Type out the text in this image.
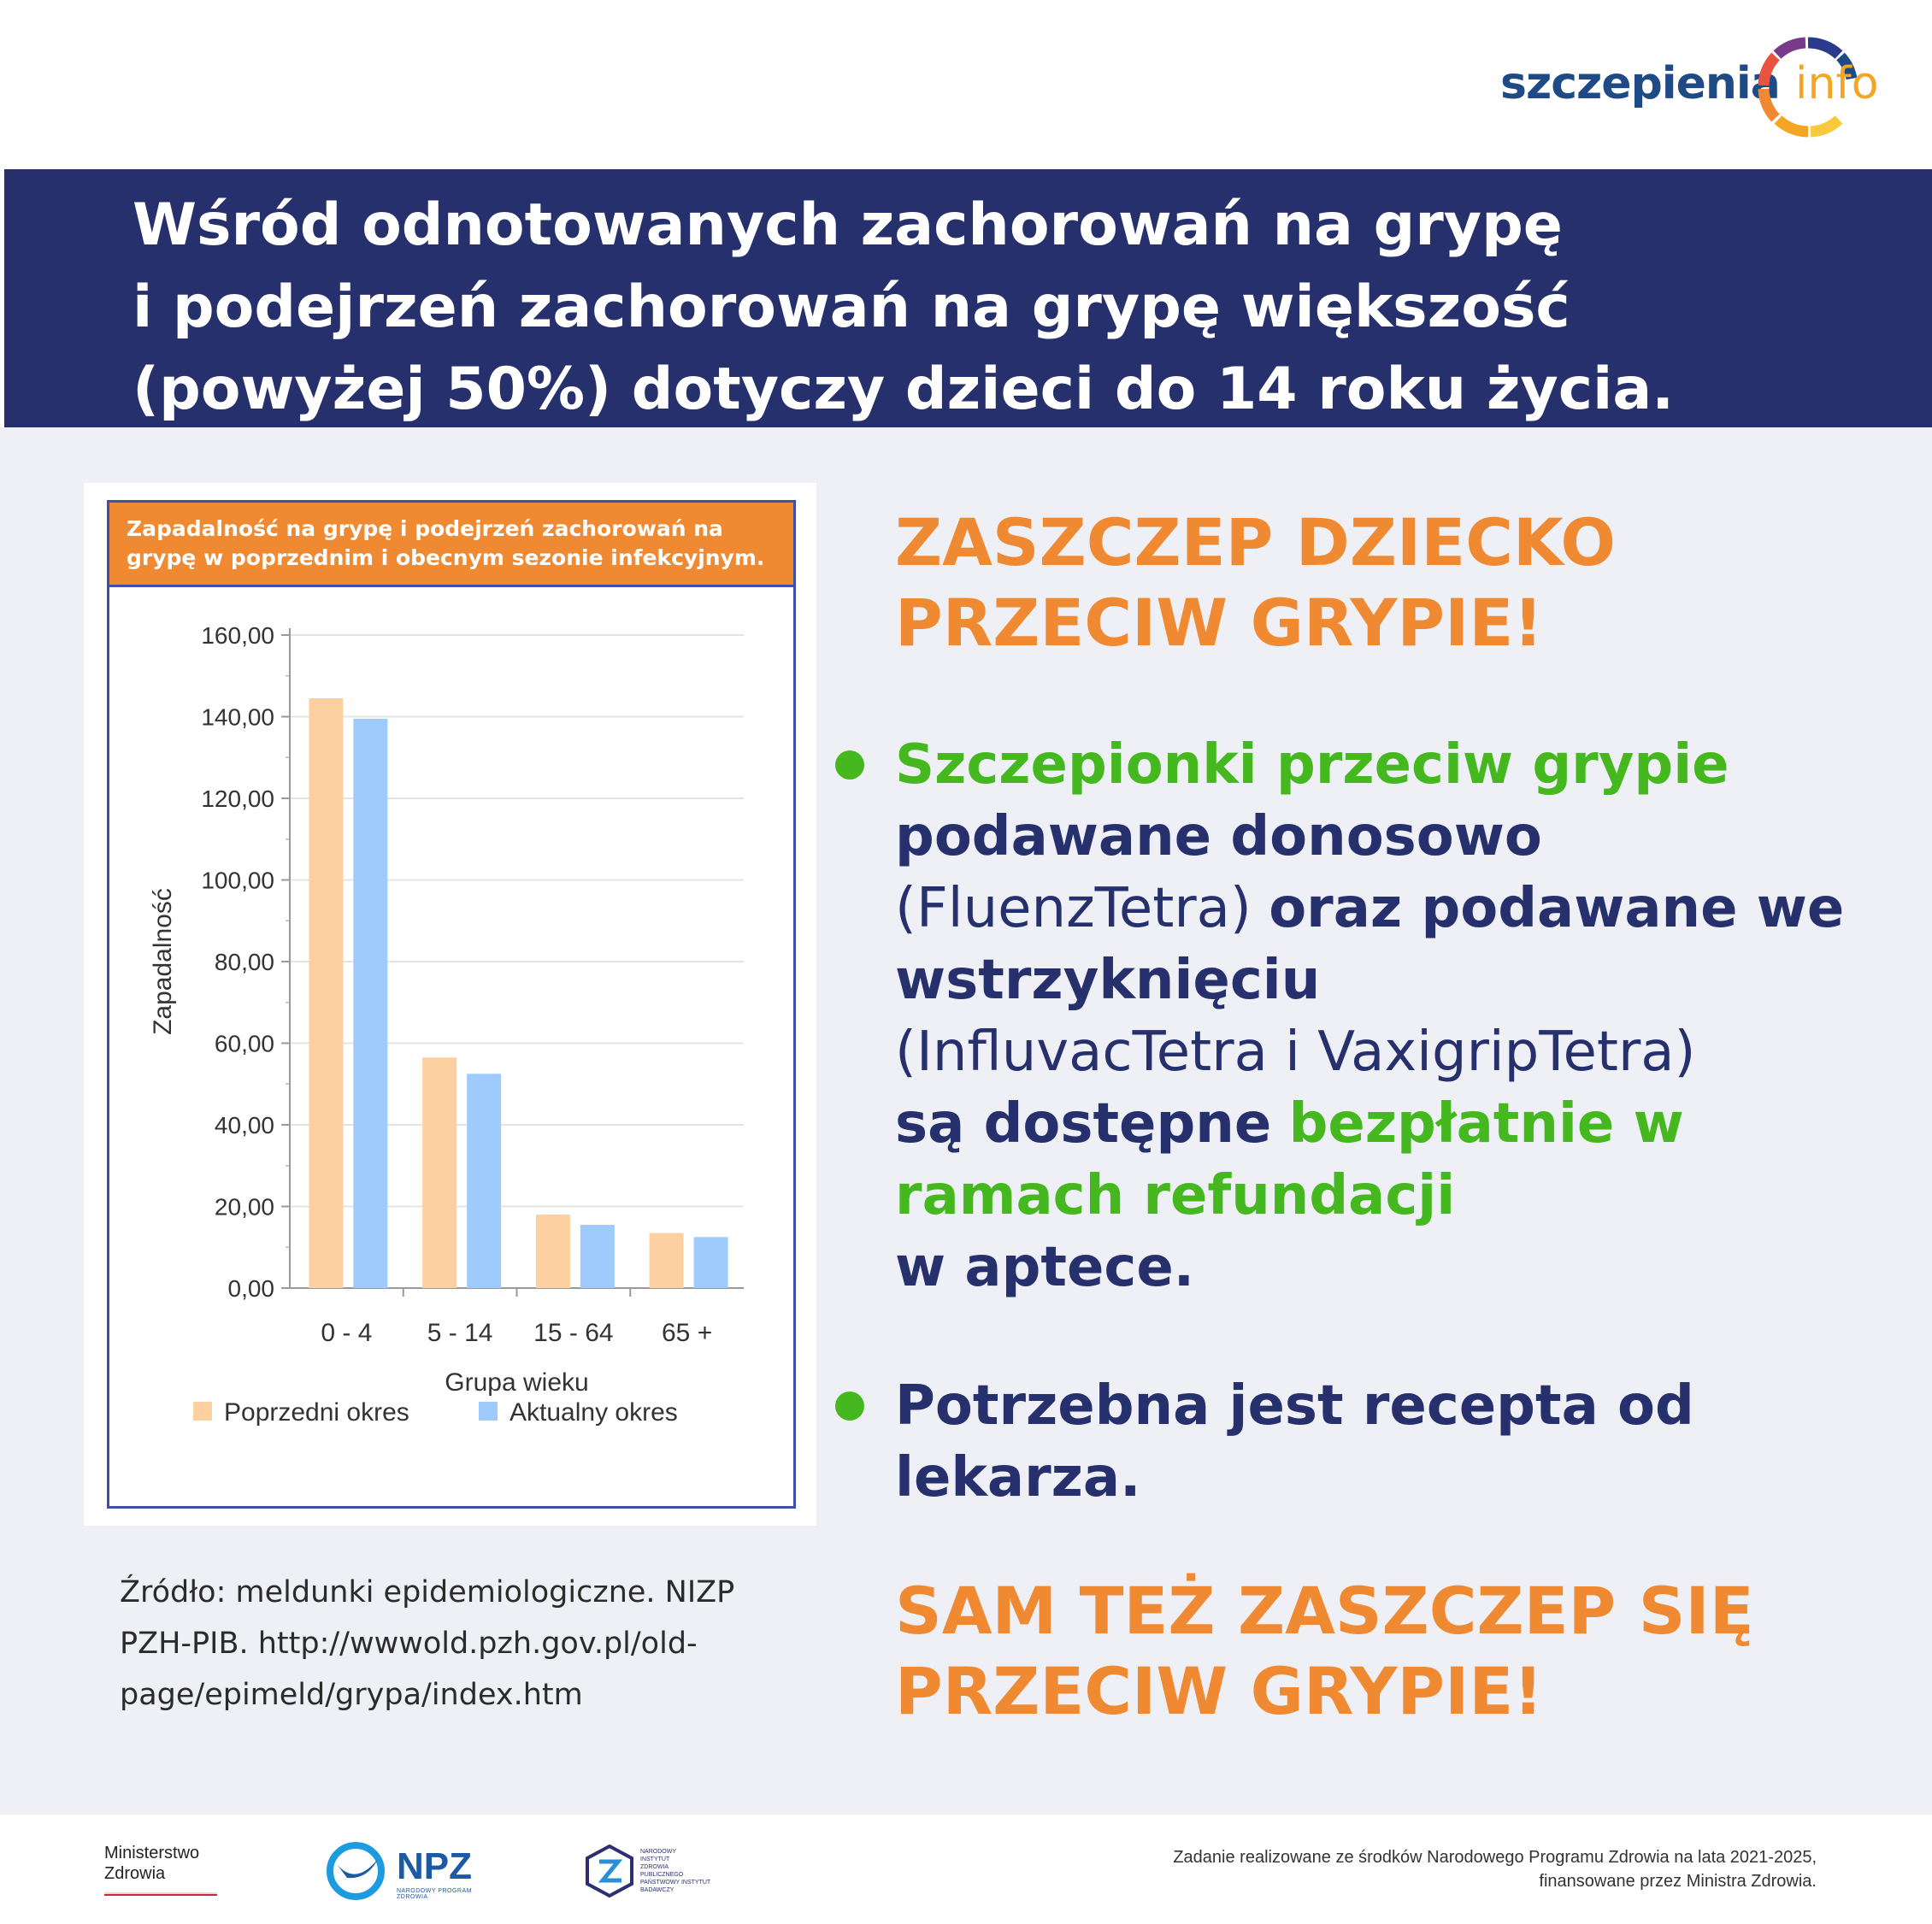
szczepienia info

Wśród odnotowanych zachorowań na grypę
i podejrzeń zachorowań na grypę większość
(powyżej 50%) dotyczy dzieci do 14 roku życia.

Zapadalność na grypę i podejrzeń zachorowań na grypę w poprzednim i obecnym sezonie infekcyjnym.

0,00
20,00
40,00
60,00
80,00
100,00
120,00
140,00
160,00
0 - 4 5 - 14 15 - 64 65 +
Grupa wieku
Zapadalność
Poprzedni okres	Aktualny okres

Źródło: meldunki epidemiologiczne. NIZP PZH-PIB. http://wwwold.pzh.gov.pl/old-page/epimeld/grypa/index.htm

ZASZCZEP DZIECKO
PRZECIW GRYPIE!

Szczepionki przeciw grypie
podawane donosowo
(FluenzTetra) oraz podawane we wstrzyknięciu
(InfluvacTetra i VaxigripTetra)
są dostępne bezpłatnie w ramach refundacji
w aptece.

Potrzebna jest recepta od lekarza.

SAM TEŻ ZASZCZEP SIĘ
PRZECIW GRYPIE!

Ministerstwo
Zdrowia	NPZ
NARODOWY PROGRAM ZDROWIA

NARODOWY
INSTYTUT
ZDROWIA
PUBLICZNEGO
PAŃSTWOWY INSTYTUT
BADAWCZY

Zadanie realizowane ze środków Narodowego Programu Zdrowia na lata 2021-2025,
finansowane przez Ministra Zdrowia.
